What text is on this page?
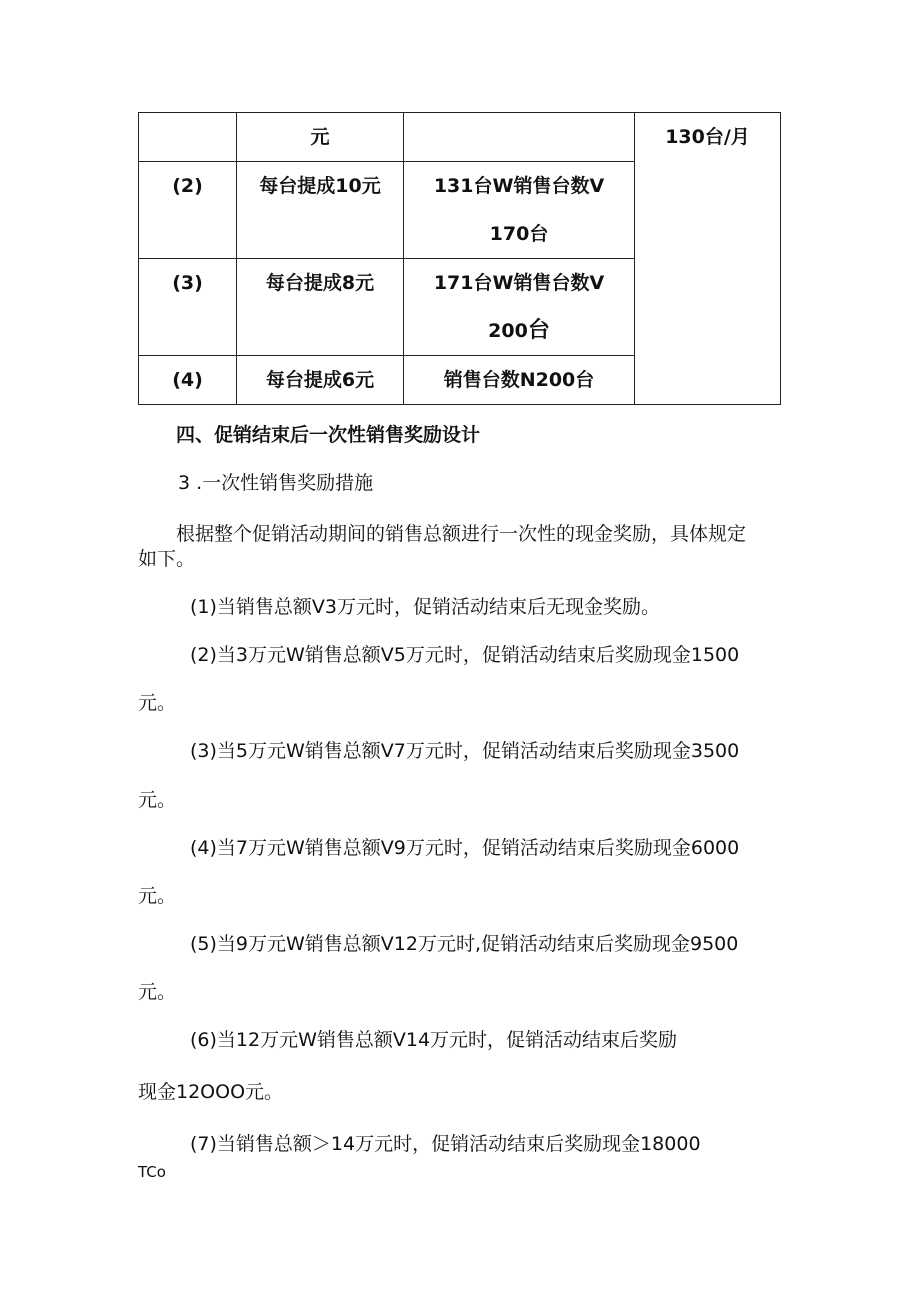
	元		130台/月

(2)	每台提成10元	131台W销售台数V
170台	

(3)	每台提成8元	171台W销售台数V
200台	

(4)	每台提成6元	销售台数N200台	
四、促销结束后一次性销售奖励设计
3 .一次性销售奖励措施
根据整个促销活动期间的销售总额进行一次性的现金奖励，具体规定
如下。
(1)当销售总额V3万元时，促销活动结束后无现金奖励。
(2)当3万元W销售总额V5万元时，促销活动结束后奖励现金1500
元。
(3)当5万元W销售总额V7万元时，促销活动结束后奖励现金3500
元。
(4)当7万元W销售总额V9万元时，促销活动结束后奖励现金6000
元。
(5)当9万元W销售总额V12万元时,促销活动结束后奖励现金9500
元。
(6)当12万元W销售总额V14万元时，促销活动结束后奖励
现金12OOO元。
(7)当销售总额＞14万元时，促销活动结束后奖励现金18000
TCo
